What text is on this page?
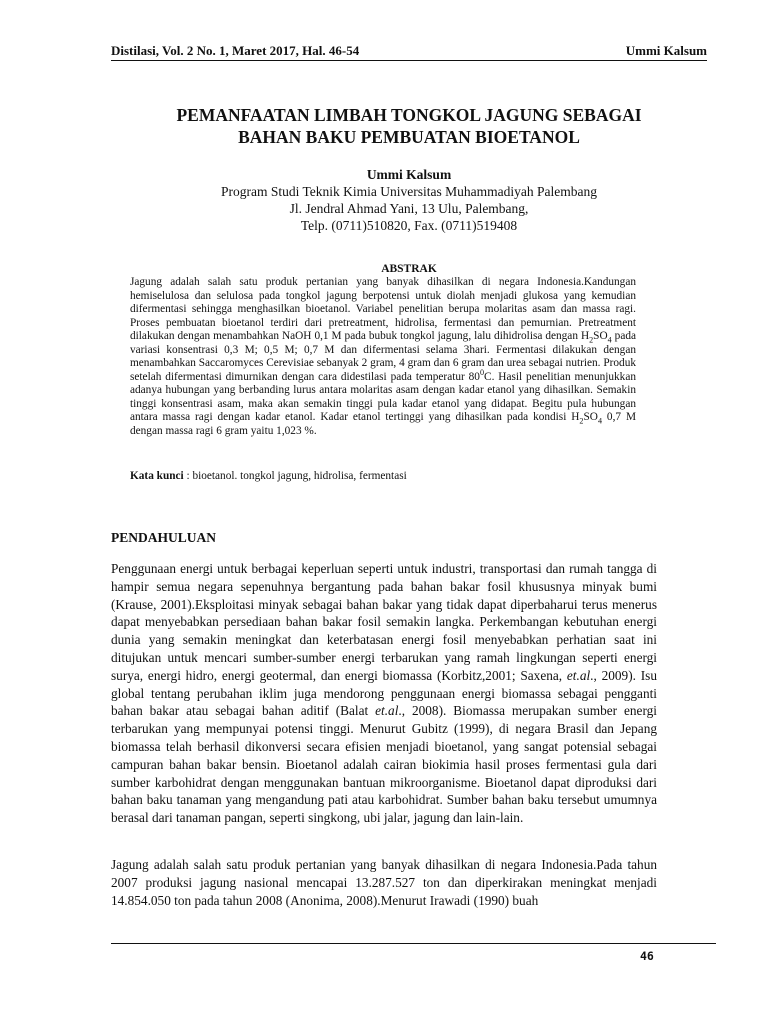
Distilasi, Vol. 2 No. 1, Maret 2017, Hal. 46-54	Ummi Kalsum
PEMANFAATAN LIMBAH TONGKOL JAGUNG SEBAGAI
BAHAN BAKU PEMBUATAN BIOETANOL
Ummi Kalsum
Program Studi Teknik Kimia Universitas Muhammadiyah Palembang
Jl. Jendral Ahmad Yani, 13 Ulu, Palembang,
Telp. (0711)510820, Fax. (0711)519408
ABSTRAK

Jagung adalah salah satu produk pertanian yang banyak dihasilkan di negara Indonesia.Kandungan hemiselulosa dan selulosa pada tongkol jagung berpotensi untuk diolah menjadi glukosa yang kemudian difermentasi sehingga menghasilkan bioetanol. Variabel penelitian berupa molaritas asam dan massa ragi. Proses pembuatan bioetanol terdiri dari pretreatment, hidrolisa, fermentasi dan pemurnian. Pretreatment dilakukan dengan menambahkan NaOH 0,1 M pada bubuk tongkol jagung, lalu dihidrolisa dengan $H_2SO_4$ pada variasi konsentrasi 0,3 M; 0,5 M; 0,7 M dan difermentasi selama 3hari. Fermentasi dilakukan dengan menambahkan Saccaromyces Cerevisiae sebanyak 2 gram, 4 gram dan 6 gram dan urea sebagai nutrien. Produk setelah difermentasi dimurnikan dengan cara didestilasi pada temperatur $80^0C$. Hasil penelitian menunjukkan adanya hubungan yang berbanding lurus antara molaritas asam dengan kadar etanol yang dihasilkan. Semakin tinggi konsentrasi asam, maka akan semakin tinggi pula kadar etanol yang didapat. Begitu pula hubungan antara massa ragi dengan kadar etanol. Kadar etanol tertinggi yang dihasilkan pada kondisi $H_2SO_4$ 0,7 M dengan massa ragi 6 gram yaitu 1,023 %.

Kata kunci : bioetanol. tongkol jagung, hidrolisa, fermentasi
PENDAHULUAN

Penggunaan energi untuk berbagai keperluan seperti untuk industri, transportasi dan rumah tangga di hampir semua negara sepenuhnya bergantung pada bahan bakar fosil khususnya minyak bumi (Krause, 2001).Eksploitasi minyak sebagai bahan bakar yang tidak dapat diperbaharui terus menerus dapat menyebabkan persediaan bahan bakar fosil semakin langka. Perkembangan kebutuhan energi dunia yang semakin meningkat dan keterbatasan energi fosil menyebabkan perhatian saat ini ditujukan untuk mencari sumber-sumber energi terbarukan yang ramah lingkungan seperti energi surya, energi hidro, energi geotermal, dan energi biomassa (Korbitz,2001; Saxena, et.al., 2009). Isu global tentang perubahan iklim juga mendorong penggunaan energi biomassa sebagai pengganti bahan bakar atau sebagai bahan aditif (Balat et.al., 2008). Biomassa merupakan sumber energi terbarukan yang mempunyai potensi tinggi. Menurut Gubitz (1999), di negara Brasil dan Jepang biomassa telah berhasil dikonversi secara efisien menjadi bioetanol, yang sangat potensial sebagai campuran bahan bakar bensin. Bioetanol adalah cairan biokimia hasil proses fermentasi gula dari sumber karbohidrat dengan menggunakan bantuan mikroorganisme. Bioetanol dapat diproduksi dari bahan baku tanaman yang mengandung pati atau karbohidrat. Sumber bahan baku tersebut umumnya berasal dari tanaman pangan, seperti singkong, ubi jalar, jagung dan lain-lain.

Jagung adalah salah satu produk pertanian yang banyak dihasilkan di negara Indonesia.Pada tahun 2007 produksi jagung nasional mencapai 13.287.527 ton dan diperkirakan meningkat menjadi 14.854.050 ton pada tahun 2008 (Anonima, 2008).Menurut Irawadi (1990) buah

46
